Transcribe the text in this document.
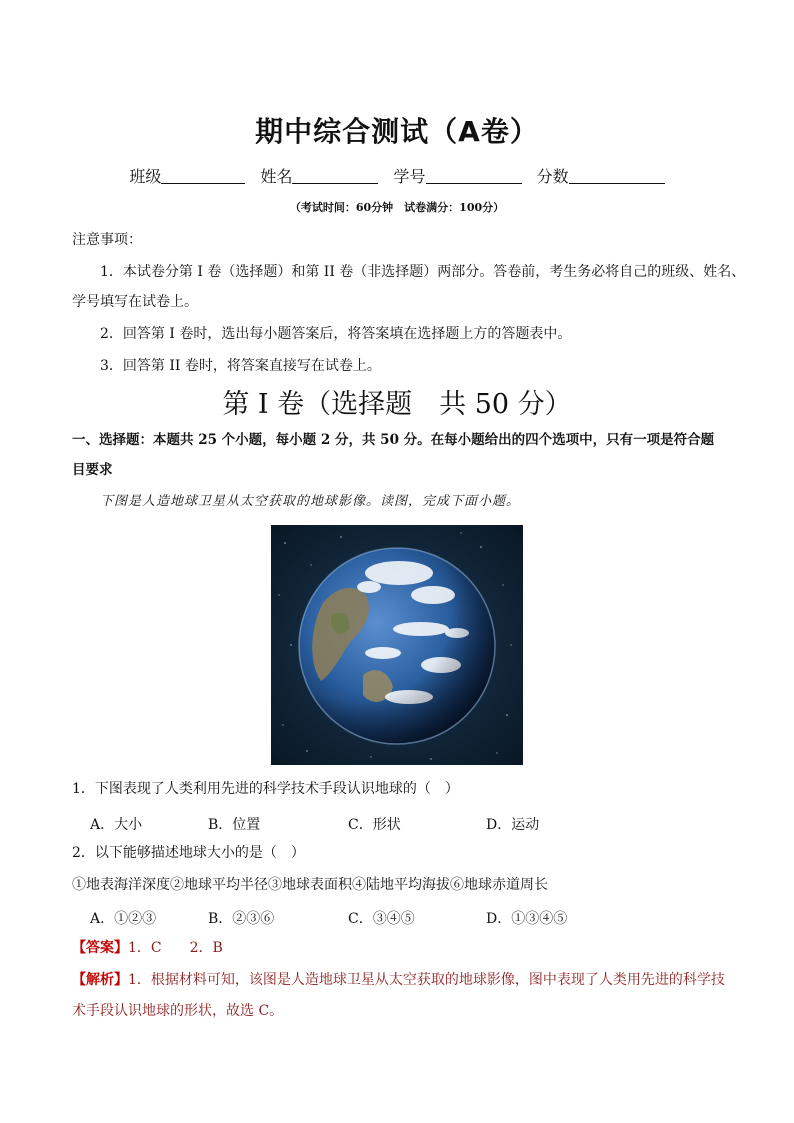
期中综合测试（A卷）
班级	姓名	学号	分数
（考试时间：60分钟　试卷满分：100分）
注意事项：
1．本试卷分第 I 卷（选择题）和第 II 卷（非选择题）两部分。答卷前，考生务必将自己的班级、姓名、
学号填写在试卷上。
2．回答第 I 卷时，选出每小题答案后，将答案填在选择题上方的答题表中。
3．回答第 II 卷时，将答案直接写在试卷上。
第 I 卷（选择题　共 50 分）
一、选择题：本题共 25 个小题，每小题 2 分，共 50 分。在每小题给出的四个选项中，只有一项是符合题
目要求
下图是人造地球卫星从太空获取的地球影像。读图，完成下面小题。
1．下图表现了人类利用先进的科学技术手段认识地球的（　）
A．大小	B．位置	C．形状	D．运动
2．以下能够描述地球大小的是（　）
①地表海洋深度②地球平均半径③地球表面积④陆地平均海拔⑥地球赤道周长
A．①②③	B．②③⑥	C．③④⑤	D．①③④⑤
【答案】1．C　　2．B
【解析】1．根据材料可知，该图是人造地球卫星从太空获取的地球影像，图中表现了人类用先进的科学技
术手段认识地球的形状，故选 C。
